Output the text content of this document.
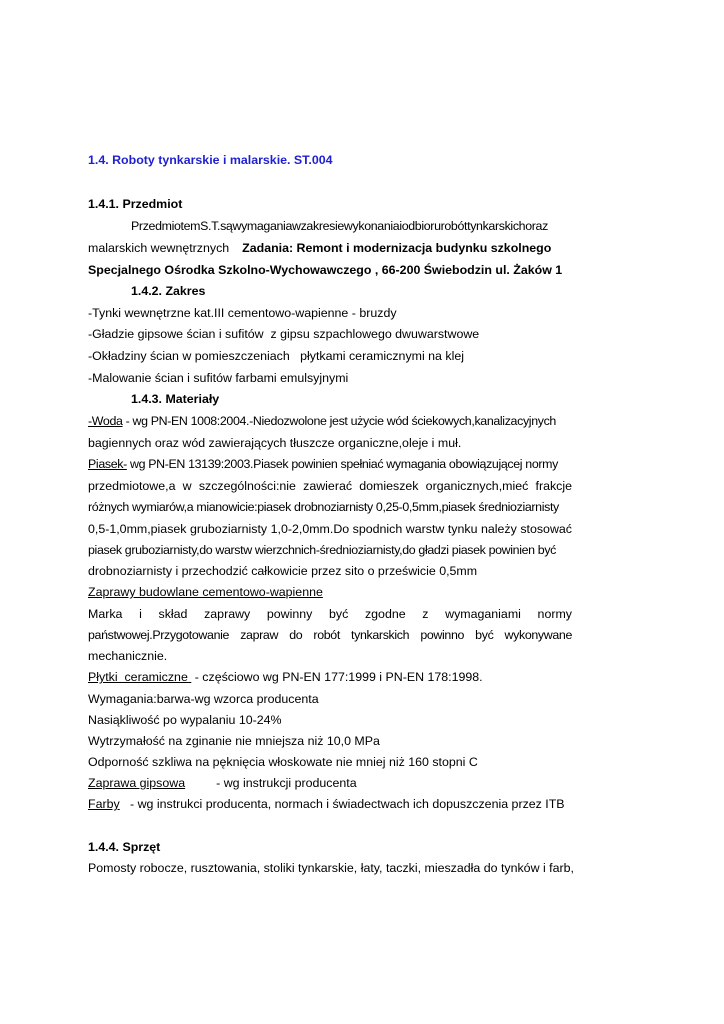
1.4. Roboty tynkarskie i malarskie. ST.004
1.4.1. Przedmiot
PrzedmiotemS.T.sąwymaganiawzakresiewykonaniaiodbiorurobóttynkarskichoraz
malarskich wewnętrznych Zadania: Remont i modernizacja budynku szkolnego
Specjalnego Ośrodka Szkolno-Wychowawczego , 66-200 Świebodzin ul. Żaków 1
1.4.2. Zakres
-Tynki wewnętrzne kat.III cementowo-wapienne - bruzdy
-Gładzie gipsowe ścian i sufitów  z gipsu szpachlowego dwuwarstwowe
-Okładziny ścian w pomieszczeniach   płytkami ceramicznymi na klej
-Malowanie ścian i sufitów farbami emulsyjnymi
1.4.3. Materiały
-Woda - wg PN-EN 1008:2004.-Niedozwolone jest użycie wód ściekowych,kanalizacyjnych
bagiennych oraz wód zawierających tłuszcze organiczne,oleje i muł.
Piasek- wg PN-EN 13139:2003.Piasek powinien spełniać wymagania obowiązującej normy
przedmiotowe,a w szczególności:nie zawierać domieszek organicznych,mieć frakcje
różnych wymiarów,a mianowicie:piasek drobnoziarnisty 0,25-0,5mm,piasek średnioziarnisty
0,5-1,0mm,piasek gruboziarnisty 1,0-2,0mm.Do spodnich warstw tynku należy stosować
piasek gruboziarnisty,do warstw wierzchnich-średnioziarnisty,do gładzi piasek powinien być
drobnoziarnisty i przechodzić całkowicie przez sito o prześwicie 0,5mm
Zaprawy budowlane cementowo-wapienne
Marka i skład zaprawy powinny być zgodne z wymaganiami normy
państwowej.Przygotowanie zapraw do robót tynkarskich powinno być wykonywane
mechanicznie.
Płytki  ceramiczne  - częściowo wg PN-EN 177:1999 i PN-EN 178:1998.
Wymagania:barwa-wg wzorca producenta
Nasiąkliwość po wypalaniu 10-24%
Wytrzymałość na zginanie nie mniejsza niż 10,0 MPa
Odporność szkliwa na pęknięcia włoskowate nie mniej niż 160 stopni C
Zaprawa gipsowa	- wg instrukcji producenta
Farby   - wg instrukci producenta, normach i świadectwach ich dopuszczenia przez ITB
1.4.4. Sprzęt
Pomosty robocze, rusztowania, stoliki tynkarskie, łaty, taczki, mieszadła do tynków i farb,
